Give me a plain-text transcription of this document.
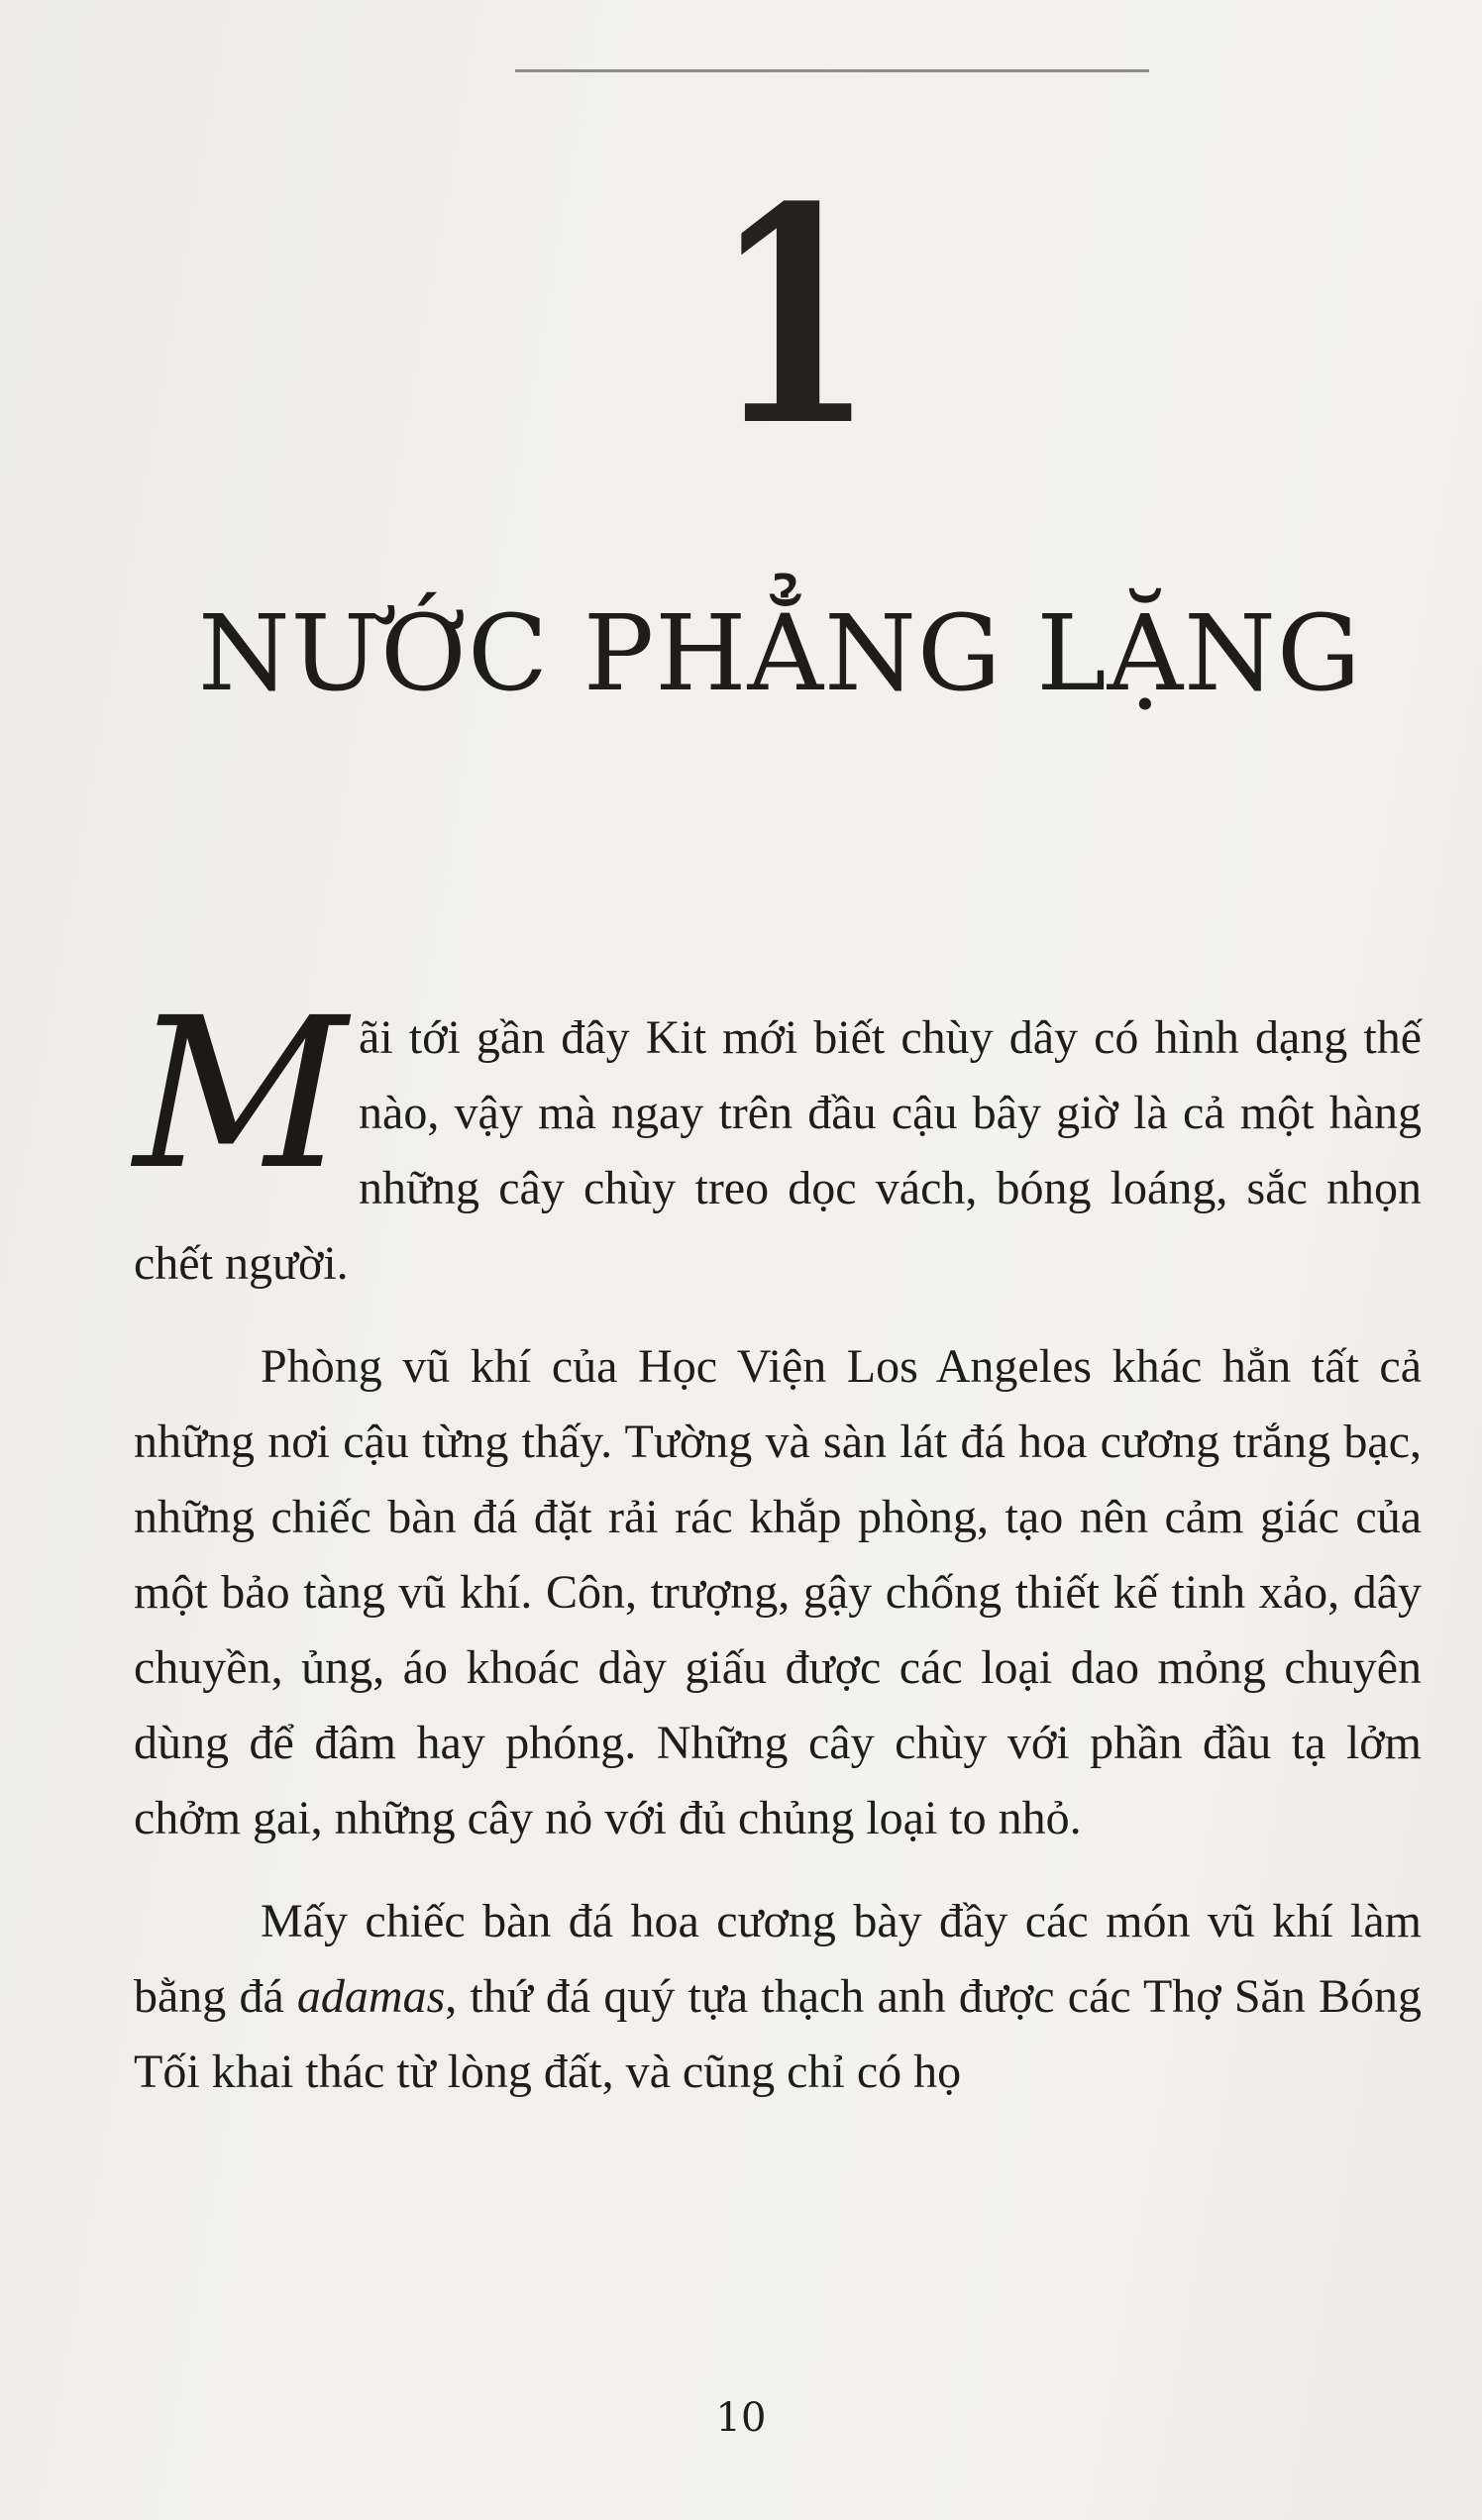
1
NƯỚC PHẲNG LẶNG

Mãi tới gần đây Kit mới biết chùy dây có hình dạng thế nào, vậy mà ngay trên đầu cậu bây giờ là cả một hàng những cây chùy treo dọc vách, bóng loáng, sắc nhọn chết người.

Phòng vũ khí của Học Viện Los Angeles khác hẳn tất cả những nơi cậu từng thấy. Tường và sàn lát đá hoa cương trắng bạc, những chiếc bàn đá đặt rải rác khắp phòng, tạo nên cảm giác của một bảo tàng vũ khí. Côn, trượng, gậy chống thiết kế tinh xảo, dây chuyền, ủng, áo khoác dày giấu được các loại dao mỏng chuyên dùng để đâm hay phóng. Những cây chùy với phần đầu tạ lởm chởm gai, những cây nỏ với đủ chủng loại to nhỏ.

Mấy chiếc bàn đá hoa cương bày đầy các món vũ khí làm bằng đá adamas, thứ đá quý tựa thạch anh được các Thợ Săn Bóng Tối khai thác từ lòng đất, và cũng chỉ có họ

10
